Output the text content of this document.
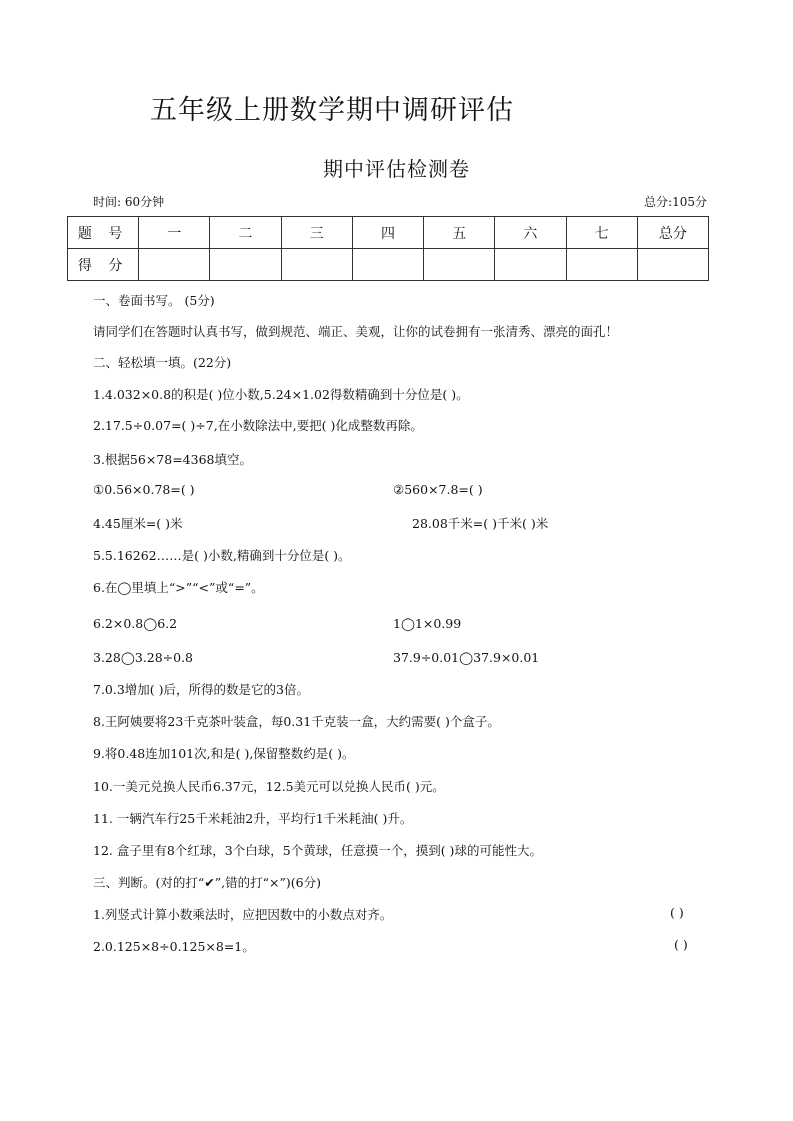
五年级上册数学期中调研评估
期中评估检测卷
时间: 60分钟	总分:105分
题 号	一	二	三	四	五	六	七	总分
得 分								
一、卷面书写。 (5分)
请同学们在答题时认真书写，做到规范、端正、美观，让你的试卷拥有一张清秀、漂亮的面孔！
二、轻松填一填。(22分)
1.4.032×0.8的积是( )位小数,5.24×1.02得数精确到十分位是( )。
2.17.5÷0.07=( )÷7,在小数除法中,要把( )化成整数再除。
3.根据56×78=4368填空。
①0.56×0.78=( )	②560×7.8=( )
4.45厘米=( )米	28.08千米=( )千米( )米
5.5.16262……是( )小数,精确到十分位是( )。
6.在◯里填上“>”“<”或“=”。
6.2×0.8◯6.2	1◯1×0.99
3.28◯3.28÷0.8	37.9÷0.01◯37.9×0.01
7.0.3增加( )后，所得的数是它的3倍。
8.王阿姨要将23千克茶叶装盒，每0.31千克装一盒，大约需要( )个盒子。
9.将0.48连加101次,和是( ),保留整数约是( )。
10.一美元兑换人民币6.37元，12.5美元可以兑换人民币( )元。
11. 一辆汽车行25千米耗油2升，平均行1千米耗油( )升。
12. 盒子里有8个红球，3个白球，5个黄球，任意摸一个，摸到( )球的可能性大。
三、判断。(对的打“✔”,错的打“×”)(6分)
1.列竖式计算小数乘法时，应把因数中的小数点对齐。	( )
2.0.125×8÷0.125×8=1。	( )
